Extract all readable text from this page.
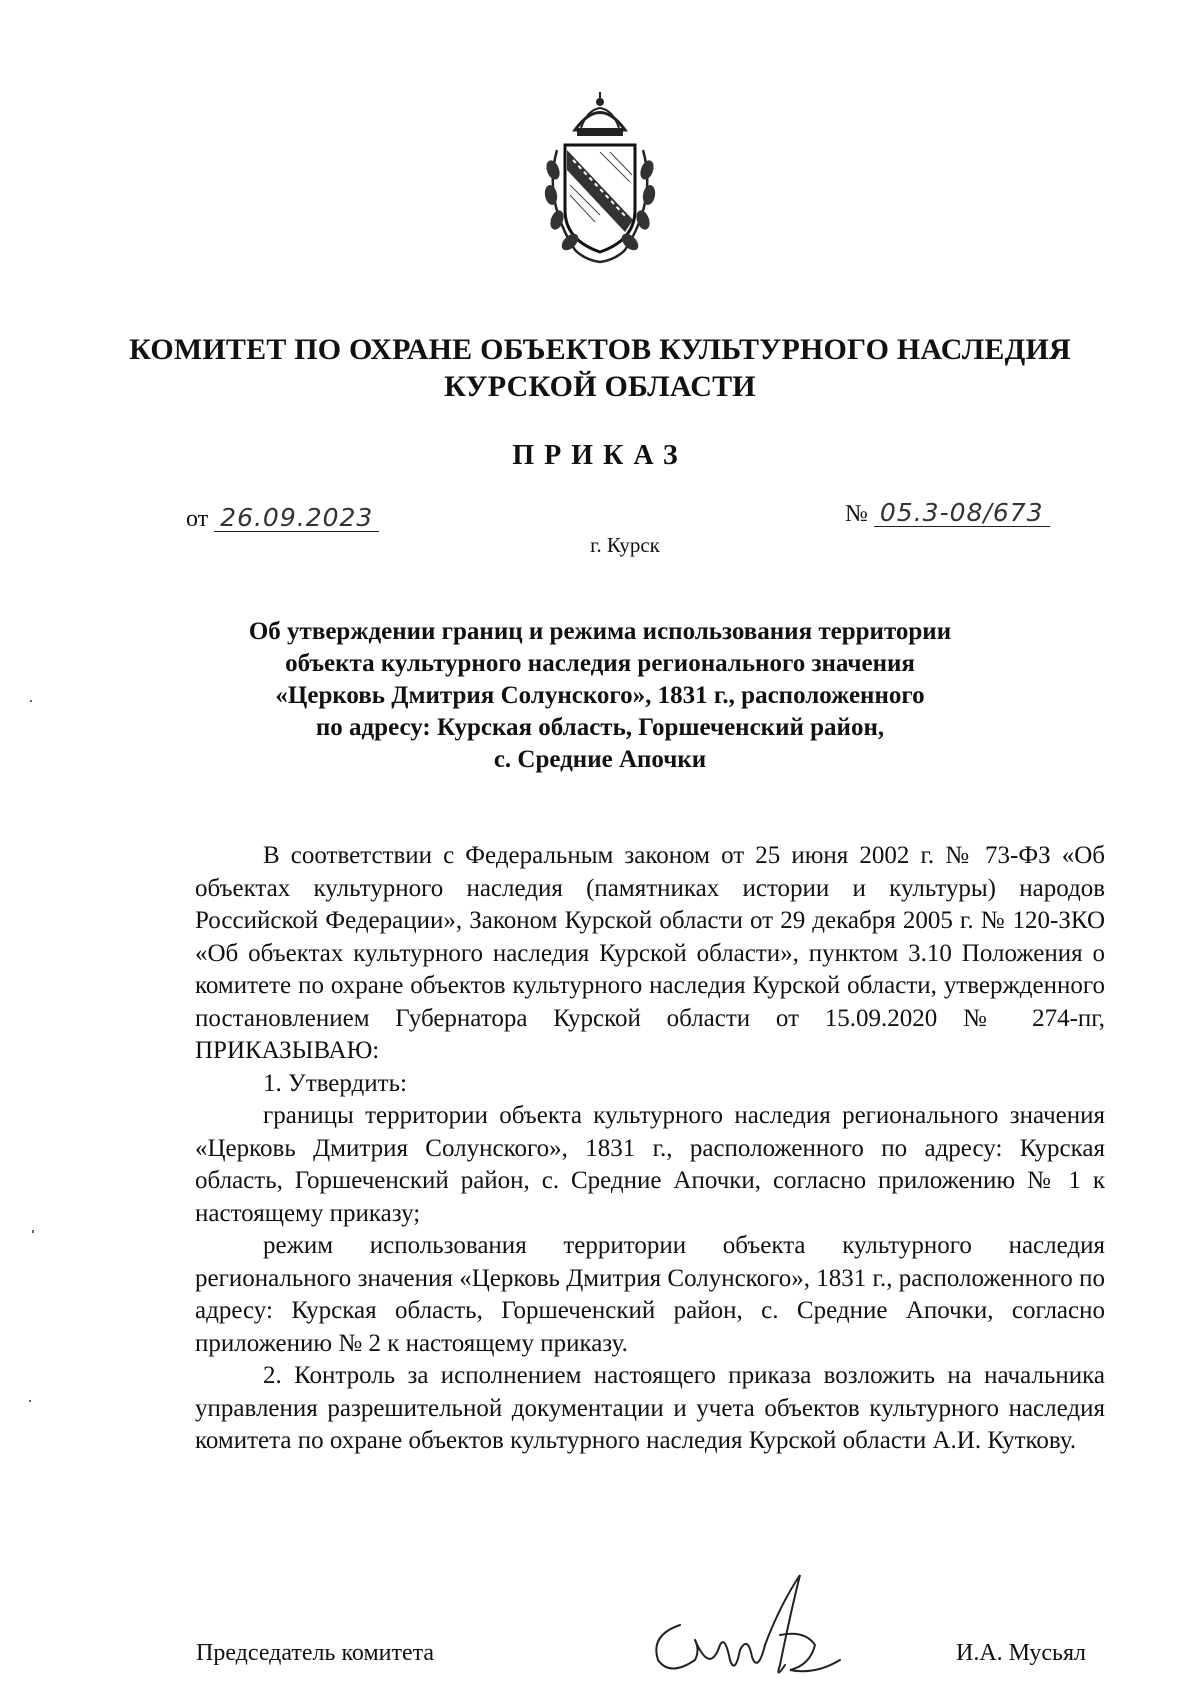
КОМИТЕТ ПО ОХРАНЕ ОБЪЕКТОВ КУЛЬТУРНОГО НАСЛЕДИЯ
КУРСКОЙ ОБЛАСТИ
ПРИКАЗ
от 26.09.2023	№ 05.3-08/673
г. Курск
Об утверждении границ и режима использования территории
объекта культурного наследия регионального значения
«Церковь Дмитрия Солунского», 1831 г., расположенного
по адресу: Курская область, Горшеченский район,
с. Средние Апочки

В соответствии с Федеральным законом от 25 июня 2002 г. № 73-ФЗ «Об объектах культурного наследия (памятниках истории и культуры) народов Российской Федерации», Законом Курской области от 29 декабря 2005 г. № 120-ЗКО «Об объектах культурного наследия Курской области», пунктом 3.10 Положения о комитете по охране объектов культурного наследия Курской области, утвержденного постановлением Губернатора Курской области от 15.09.2020 № 274-пг, ПРИКАЗЫВАЮ:

1. Утвердить:

границы территории объекта культурного наследия регионального значения «Церковь Дмитрия Солунского», 1831 г., расположенного по адресу: Курская область, Горшеченский район, с. Средние Апочки, согласно приложению № 1 к настоящему приказу;

режим использования территории объекта культурного наследия регионального значения «Церковь Дмитрия Солунского», 1831 г., расположенного по адресу: Курская область, Горшеченский район, с. Средние Апочки, согласно приложению № 2 к настоящему приказу.

2. Контроль за исполнением настоящего приказа возложить на начальника управления разрешительной документации и учета объектов культурного наследия комитета по охране объектов культурного наследия Курской области А.И. Куткову.

Председатель комитета	И.А. Мусьял
